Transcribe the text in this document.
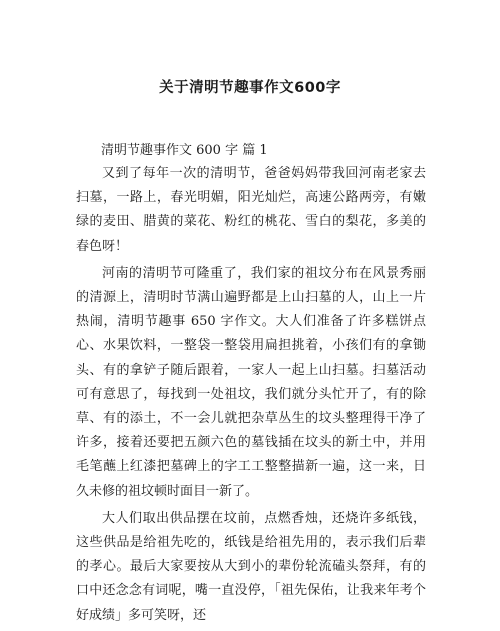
关于清明节趣事作文600字

清明节趣事作文 600 字 篇 1

又到了每年一次的清明节，爸爸妈妈带我回河南老家去扫墓，一路上，春光明媚，阳光灿烂，高速公路两旁，有嫩绿的麦田、腊黄的菜花、粉红的桃花、雪白的梨花，多美的春色呀！

河南的清明节可隆重了，我们家的祖坟分布在风景秀丽的清源上，清明时节满山遍野都是上山扫墓的人，山上一片热闹，清明节趣事 650 字作文。大人们准备了许多糕饼点心、水果饮料，一整袋一整袋用扁担挑着，小孩们有的拿锄头、有的拿铲子随后跟着，一家人一起上山扫墓。扫墓活动可有意思了，每找到一处祖坟，我们就分头忙开了，有的除草、有的添土，不一会儿就把杂草丛生的坟头整理得干净了许多，接着还要把五颜六色的墓钱插在坟头的新土中，并用毛笔蘸上红漆把墓碑上的字工工整整描新一遍，这一来，日久未修的祖坟顿时面目一新了。

大人们取出供品摆在坟前，点燃香烛，还烧许多纸钱，这些供品是给祖先吃的，纸钱是给祖先用的，表示我们后辈的孝心。最后大家要按从大到小的辈份轮流磕头祭拜，有的口中还念念有词呢，嘴一直没停，「祖先保佑，让我来年考个好成绩」多可笑呀，还
